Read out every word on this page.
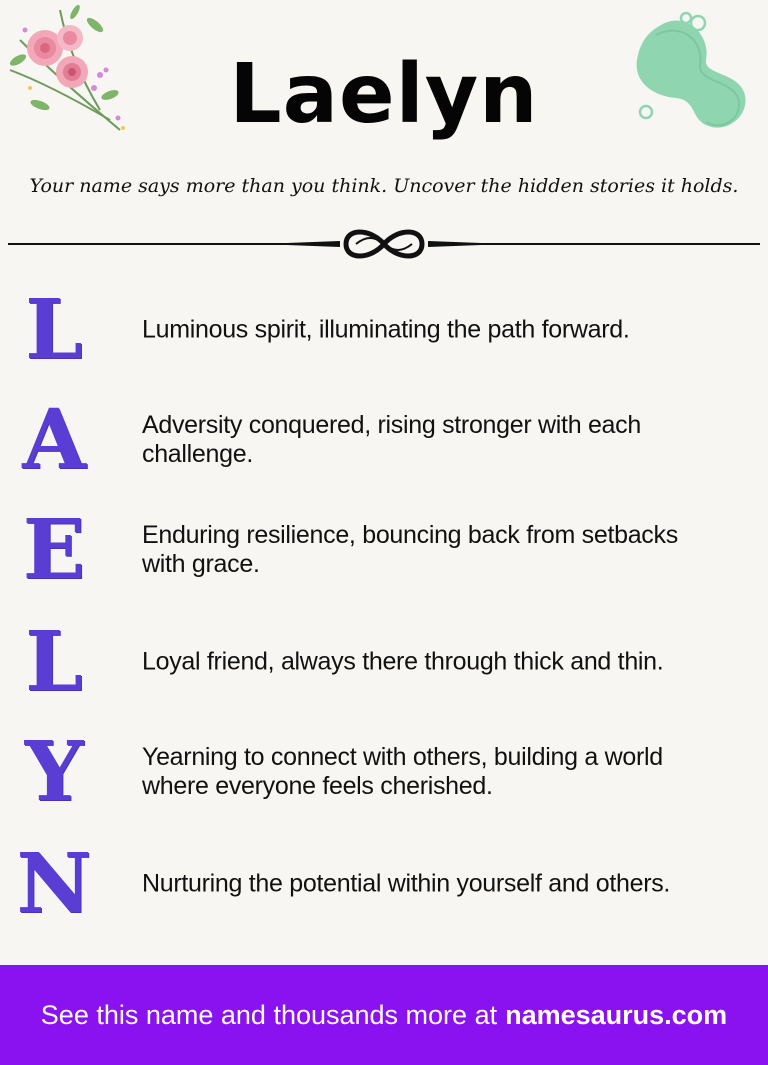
Laelyn
Your name says more than you think. Uncover the hidden stories it holds.
L	Luminous spirit, illuminating the path forward.
A	Adversity conquered, rising stronger with each challenge.
E	Enduring resilience, bouncing back from setbacks with grace.
L	Loyal friend, always there through thick and thin.
Y	Yearning to connect with others, building a world where everyone feels cherished.
N Nurturing the potential within yourself and others.
See this name and thousands more at namesaurus.com
